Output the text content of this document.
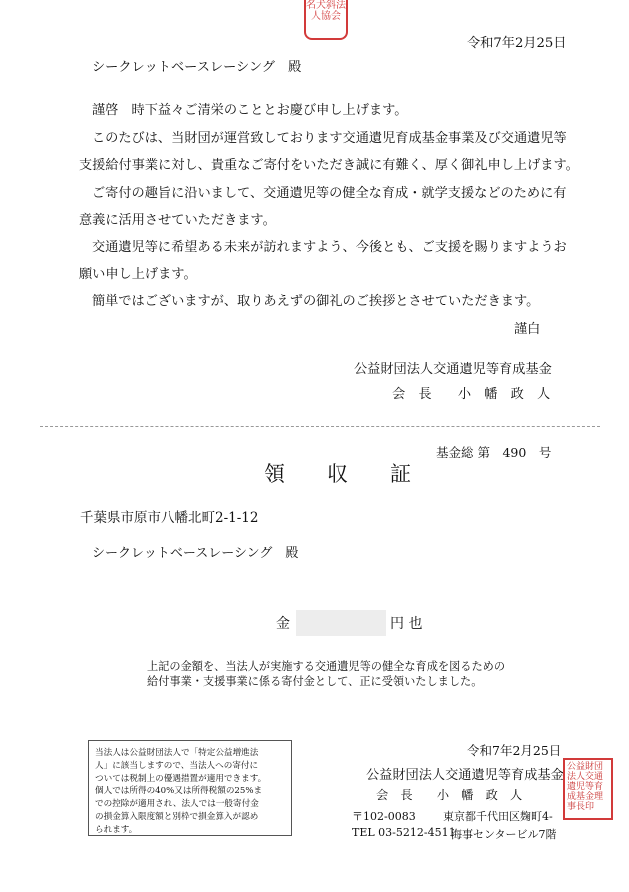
名犬斜法人協会
令和7年2月25日
シークレットベースレーシング　殿
謹啓　時下益々ご清栄のこととお慶び申し上げます。
このたびは、当財団が運営致しております交通遺児育成基金事業及び交通遺児等
支援給付事業に対し、貴重なご寄付をいただき誠に有難く、厚く御礼申し上げます。
ご寄付の趣旨に沿いまして、交通遺児等の健全な育成・就学支援などのために有
意義に活用させていただきます。
交通遺児等に希望ある未来が訪れますよう、今後とも、ご支援を賜りますようお
願い申し上げます。
簡単ではございますが、取りあえずの御礼のご挨拶とさせていただきます。
謹白
公益財団法人交通遺児等育成基金
会　長　　小　幡　政　人
基金総 第　490　号
領　　収　　証
千葉県市原市八幡北町2-1-12
シークレットベースレーシング　殿
金	円 也
上記の金額を、当法人が実施する交通遺児等の健全な育成を図るための
給付事業・支援事業に係る寄付金として、正に受領いたしました。
当法人は公益財団法人で「特定公益増進法
人」に該当しますので、当法人への寄付に
ついては税制上の優遇措置が適用できます。
個人では所得の40%又は所得税額の25%ま
での控除が適用され、法人では一般寄付金
の損金算入限度額と別枠で損金算入が認め
られます。
令和7年2月25日
公益財団法人交通遺児等育成基金
会　長　　小　幡　政　人
〒102-0083 東京都千代田区麹町4-
TEL 03-5212-4511
海事センタービル7階
公益財団法人交通遺児等育成基金理事長印
